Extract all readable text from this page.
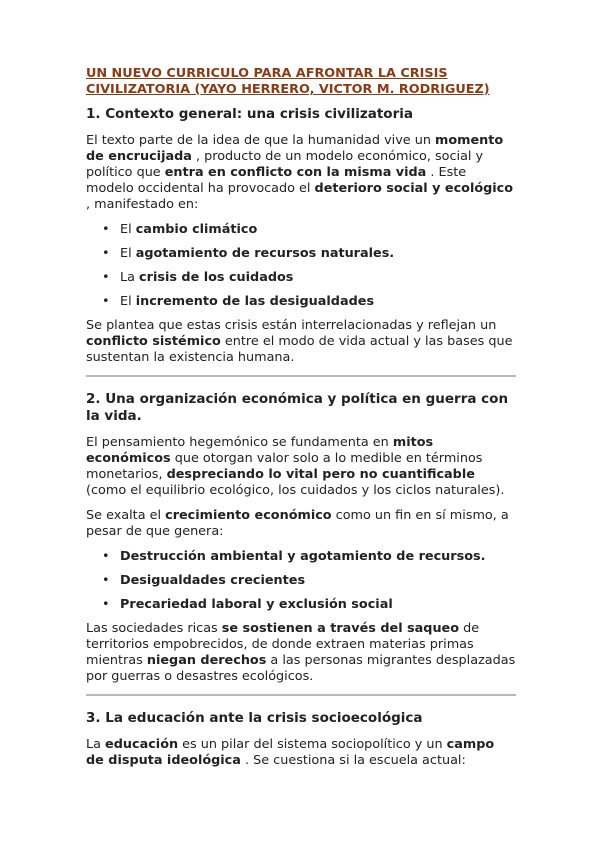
UN NUEVO CURRICULO PARA AFRONTAR LA CRISIS
CIVILIZATORIA (YAYO HERRERO, VICTOR M. RODRIGUEZ)
1. Contexto general: una crisis civilizatoria

El texto parte de la idea de que la humanidad vive un momento de encrucijada , producto de un modelo económico, social y político que entra en conflicto con la misma vida . Este modelo occidental ha provocado el deterioro social y ecológico , manifestado en:

• El cambio climático
• El agotamiento de recursos naturales.
• La crisis de los cuidados
• El incremento de las desigualdades

Se plantea que estas crisis están interrelacionadas y reflejan un conflicto sistémico entre el modo de vida actual y las bases que sustentan la existencia humana.

2. Una organización económica y política en guerra con la vida.

El pensamiento hegemónico se fundamenta en mitos económicos que otorgan valor solo a lo medible en términos monetarios, despreciando lo vital pero no cuantificable (como el equilibrio ecológico, los cuidados y los ciclos naturales).

Se exalta el crecimiento económico como un fin en sí mismo, a pesar de que genera:

• Destrucción ambiental y agotamiento de recursos.
• Desigualdades crecientes
• Precariedad laboral y exclusión social

Las sociedades ricas se sostienen a través del saqueo de territorios empobrecidos, de donde extraen materias primas mientras niegan derechos a las personas migrantes desplazadas por guerras o desastres ecológicos.

3. La educación ante la crisis socioecológica

La educación es un pilar del sistema sociopolítico y un campo de disputa ideológica . Se cuestiona si la escuela actual:
